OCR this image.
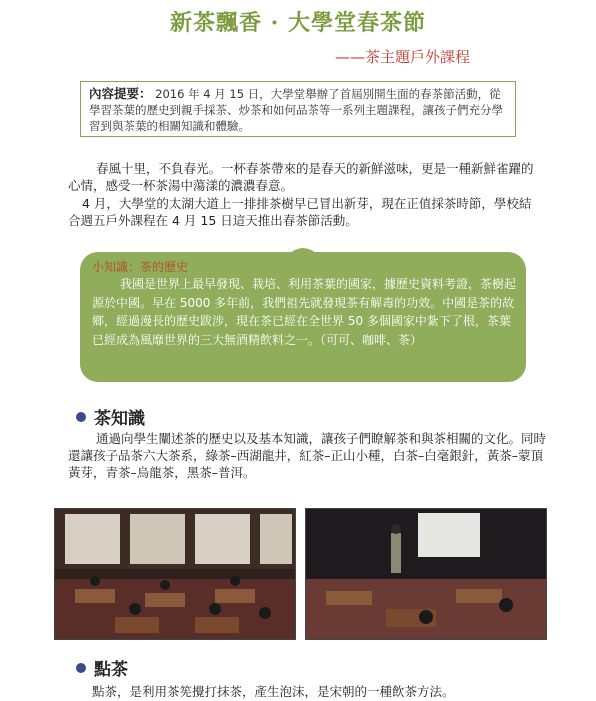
新茶飄香 · 大學堂春茶節
——茶主題戶外課程
內容提要： 2016 年 4 月 15 日，大學堂舉辦了首屆別開生面的春茶節活動，從學習茶葉的歷史到親手採茶、炒茶和如何品茶等一系列主題課程，讓孩子們充分學習到與茶葉的相關知識和體驗。
春風十里，不負春光。一杯春茶帶來的是春天的新鮮滋味，更是一種新鮮雀躍的心情，感受一杯茶湯中蕩漾的濃濃春意。
4 月，大學堂的太湖大道上一排排茶樹早已冒出新芽，現在正值採茶時節，學校結合週五戶外課程在 4 月 15 日這天推出春茶節活動。
小知識：茶的歷史
我國是世界上最早發現、栽培、利用茶葉的國家，據歷史資料考證，茶樹起源於中國。早在 5000 多年前，我們祖先就發現茶有解毒的功效。中國是茶的故鄉，經過漫長的歷史跋涉，現在茶已經在全世界 50 多個國家中紮下了根，茶葉已經成為風靡世界的三大無酒精飲料之一。（可可、咖啡、茶）
茶知識
通過向學生闡述茶的歷史以及基本知識，讓孩子們瞭解茶和與茶相關的文化。同時還讓孩子品茶六大茶系，綠茶–西湖龍井，紅茶–正山小種，白茶–白毫銀針，黃茶–蒙頂黃芽，青茶–烏龍茶，黑茶–普洱。
點茶
點茶，是利用茶筅攪打抹茶，產生泡沫，是宋朝的一種飲茶方法。
